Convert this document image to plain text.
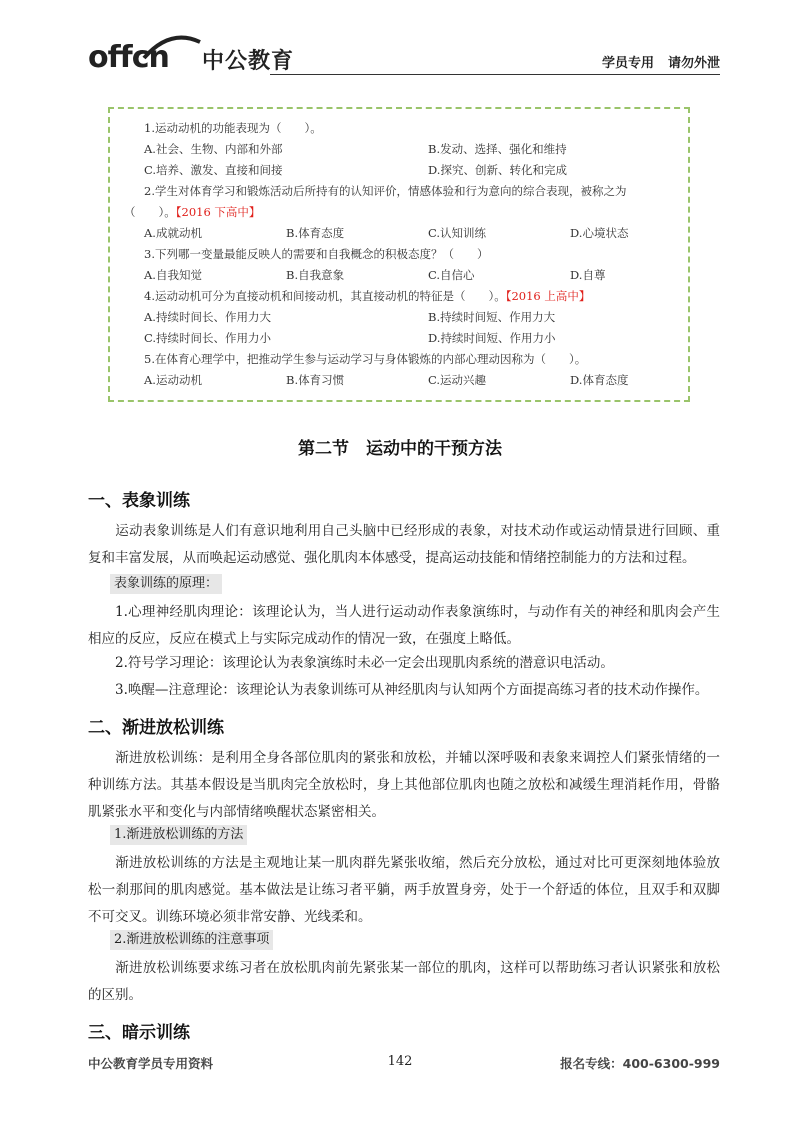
offcn 中公教育	学员专用 请勿外泄
1.运动动机的功能表现为（　　）。
A.社会、生物、内部和外部	B.发动、选择、强化和维持
C.培养、激发、直接和间接	D.探究、创新、转化和完成
2.学生对体育学习和锻炼活动后所持有的认知评价，情感体验和行为意向的综合表现，被称之为
（　　）。【2016 下高中】
A.成就动机	B.体育态度	C.认知训练	D.心境状态
3.下列哪一变量最能反映人的需要和自我概念的积极态度？（　　）
A.自我知觉	B.自我意象	C.自信心	D.自尊
4.运动动机可分为直接动机和间接动机，其直接动机的特征是（　　）。【2016 上高中】
A.持续时间长、作用力大	B.持续时间短、作用力大
C.持续时间长、作用力小	D.持续时间短、作用力小
5.在体育心理学中，把推动学生参与运动学习与身体锻炼的内部心理动因称为（　　）。
A.运动动机	B.体育习惯	C.运动兴趣	D.体育态度
第二节　运动中的干预方法
一、表象训练
运动表象训练是人们有意识地利用自己头脑中已经形成的表象，对技术动作或运动情景进行回顾、重复和丰富发展，从而唤起运动感觉、强化肌肉本体感受，提高运动技能和情绪控制能力的方法和过程。
表象训练的原理：
1.心理神经肌肉理论：该理论认为，当人进行运动动作表象演练时，与动作有关的神经和肌肉会产生相应的反应，反应在模式上与实际完成动作的情况一致，在强度上略低。
2.符号学习理论：该理论认为表象演练时未必一定会出现肌肉系统的潜意识电活动。
3.唤醒—注意理论：该理论认为表象训练可从神经肌肉与认知两个方面提高练习者的技术动作操作。
二、渐进放松训练
渐进放松训练：是利用全身各部位肌肉的紧张和放松，并辅以深呼吸和表象来调控人们紧张情绪的一种训练方法。其基本假设是当肌肉完全放松时，身上其他部位肌肉也随之放松和减缓生理消耗作用，骨骼肌紧张水平和变化与内部情绪唤醒状态紧密相关。
1.渐进放松训练的方法
渐进放松训练的方法是主观地让某一肌肉群先紧张收缩，然后充分放松，通过对比可更深刻地体验放松一刹那间的肌肉感觉。基本做法是让练习者平躺，两手放置身旁，处于一个舒适的体位，且双手和双脚不可交叉。训练环境必须非常安静、光线柔和。
2.渐进放松训练的注意事项
渐进放松训练要求练习者在放松肌肉前先紧张某一部位的肌肉，这样可以帮助练习者认识紧张和放松的区别。
三、暗示训练
中公教育学员专用资料	142	报名专线：400-6300-999
